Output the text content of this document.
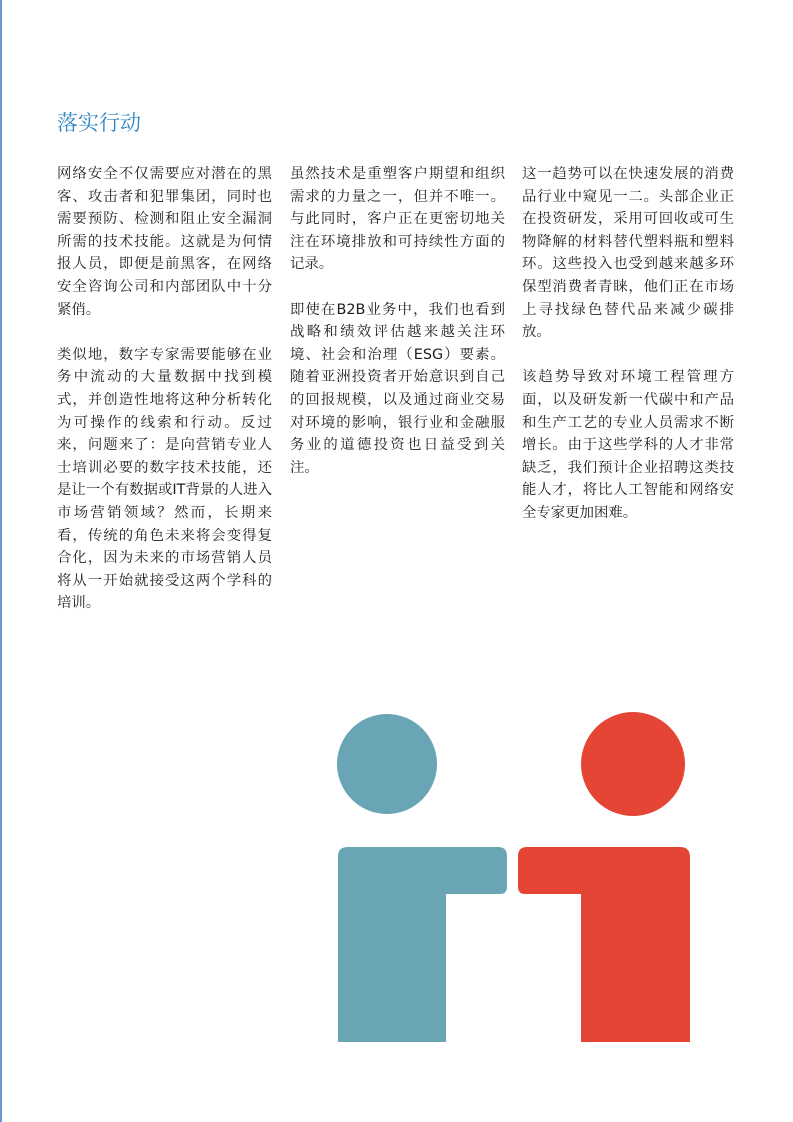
落实行动

网络安全不仅需要应对潜在的黑客、攻击者和犯罪集团，同时也需要预防、检测和阻止安全漏洞所需的技术技能。这就是为何情报人员，即便是前黑客，在网络安全咨询公司和内部团队中十分紧俏。

类似地，数字专家需要能够在业务中流动的大量数据中找到模式，并创造性地将这种分析转化为可操作的线索和行动。反过来，问题来了：是向营销专业人士培训必要的数字技术技能，还是让一个有数据或IT背景的人进入市场营销领域？然而，长期来看，传统的角色未来将会变得复合化，因为未来的市场营销人员将从一开始就接受这两个学科的培训。

虽然技术是重塑客户期望和组织需求的力量之一，但并不唯一。与此同时，客户正在更密切地关注在环境排放和可持续性方面的记录。

即使在B2B业务中，我们也看到战略和绩效评估越来越关注环境、社会和治理（ESG）要素。随着亚洲投资者开始意识到自己的回报规模，以及通过商业交易对环境的影响，银行业和金融服务业的道德投资也日益受到关注。

这一趋势可以在快速发展的消费品行业中窥见一二。头部企业正在投资研发，采用可回收或可生物降解的材料替代塑料瓶和塑料环。这些投入也受到越来越多环保型消费者青睐，他们正在市场上寻找绿色替代品来减少碳排放。

该趋势导致对环境工程管理方面，以及研发新一代碳中和产品和生产工艺的专业人员需求不断增长。由于这些学科的人才非常缺乏，我们预计企业招聘这类技能人才，将比人工智能和网络安全专家更加困难。
